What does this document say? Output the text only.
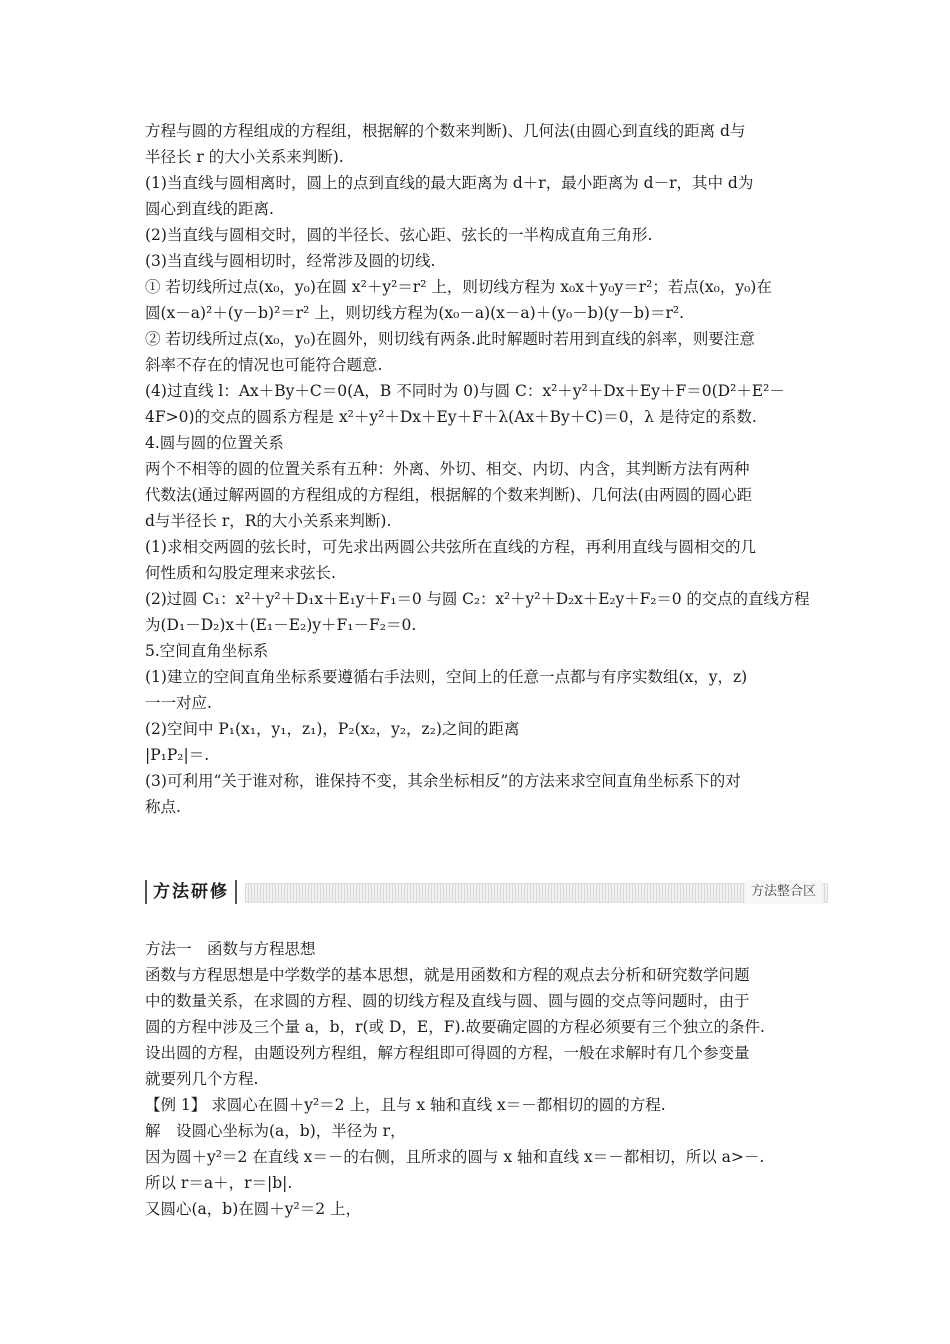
方程与圆的方程组成的方程组，根据解的个数来判断)、几何法(由圆心到直线的距离 d与
半径长 r 的大小关系来判断).
(1)当直线与圆相离时，圆上的点到直线的最大距离为 d＋r，最小距离为 d－r，其中 d为
圆心到直线的距离.
(2)当直线与圆相交时，圆的半径长、弦心距、弦长的一半构成直角三角形.
(3)当直线与圆相切时，经常涉及圆的切线.
① 若切线所过点(x₀，y₀)在圆 x²＋y²＝r² 上，则切线方程为 x₀x＋y₀y＝r²；若点(x₀，y₀)在
圆(x－a)²＋(y－b)²＝r² 上，则切线方程为(x₀－a)(x－a)＋(y₀－b)(y－b)＝r².
② 若切线所过点(x₀，y₀)在圆外，则切线有两条.此时解题时若用到直线的斜率，则要注意
斜率不存在的情况也可能符合题意.
(4)过直线 l：Ax＋By＋C＝0(A，B 不同时为 0)与圆 C：x²＋y²＋Dx＋Ey＋F＝0(D²＋E²－
4F>0)的交点的圆系方程是 x²＋y²＋Dx＋Ey＋F＋λ(Ax＋By＋C)＝0，λ 是待定的系数.
4.圆与圆的位置关系
两个不相等的圆的位置关系有五种：外离、外切、相交、内切、内含，其判断方法有两种
代数法(通过解两圆的方程组成的方程组，根据解的个数来判断)、几何法(由两圆的圆心距
d与半径长 r，R的大小关系来判断).
(1)求相交两圆的弦长时，可先求出两圆公共弦所在直线的方程，再利用直线与圆相交的几
何性质和勾股定理来求弦长.
(2)过圆 C₁：x²＋y²＋D₁x＋E₁y＋F₁＝0 与圆 C₂：x²＋y²＋D₂x＋E₂y＋F₂＝0 的交点的直线方程
为(D₁－D₂)x＋(E₁－E₂)y＋F₁－F₂＝0.
5.空间直角坐标系
(1)建立的空间直角坐标系要遵循右手法则，空间上的任意一点都与有序实数组(x，y，z)
一一对应.
(2)空间中 P₁(x₁，y₁，z₁)，P₂(x₂，y₂，z₂)之间的距离
|P₁P₂|＝.
(3)可利用“关于谁对称，谁保持不变，其余坐标相反”的方法来求空间直角坐标系下的对
称点.
方法研修	方法整合区
方法一　函数与方程思想
函数与方程思想是中学数学的基本思想，就是用函数和方程的观点去分析和研究数学问题
中的数量关系，在求圆的方程、圆的切线方程及直线与圆、圆与圆的交点等问题时，由于
圆的方程中涉及三个量 a，b，r(或 D，E，F).故要确定圆的方程必须要有三个独立的条件.
设出圆的方程，由题设列方程组，解方程组即可得圆的方程，一般在求解时有几个参变量
就要列几个方程.
【例 1】 求圆心在圆＋y²＝2 上，且与 x 轴和直线 x＝－都相切的圆的方程.
解　设圆心坐标为(a，b)，半径为 r，
因为圆＋y²＝2 在直线 x＝－的右侧，且所求的圆与 x 轴和直线 x＝－都相切，所以 a>－.
所以 r＝a＋，r＝|b|.
又圆心(a，b)在圆＋y²＝2 上，
